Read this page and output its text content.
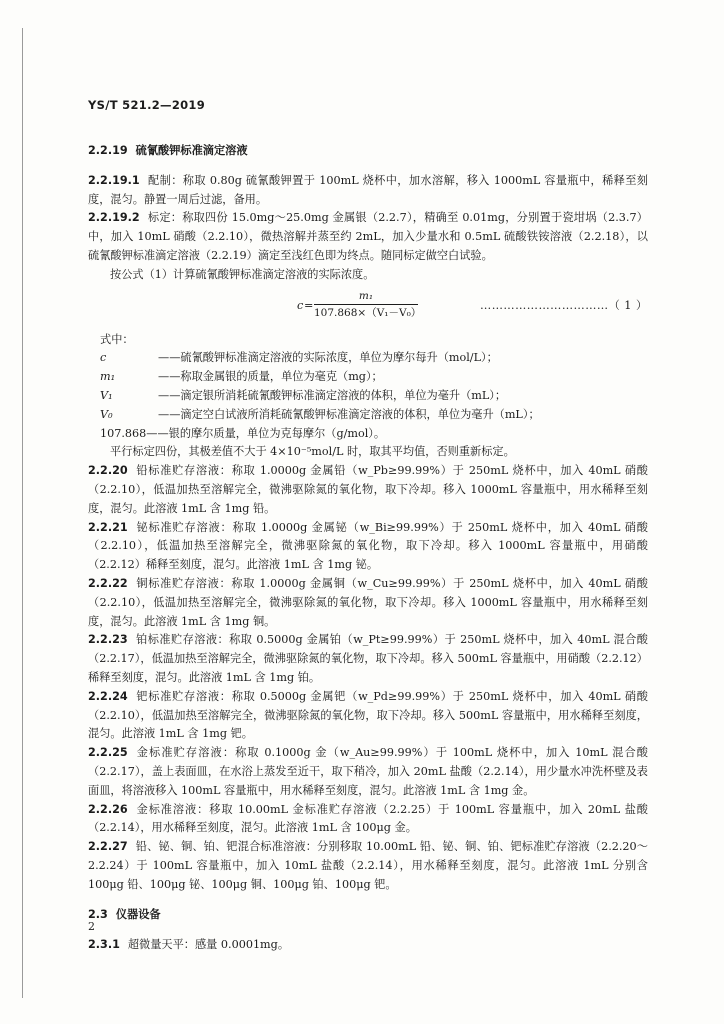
YS/T 521.2—2019

2.2.19 硫氰酸钾标准滴定溶液

2.2.19.1 配制：称取 0.80g 硫氰酸钾置于 100mL 烧杯中，加水溶解，移入 1000mL 容量瓶中，稀释至刻度，混匀。静置一周后过滤，备用。

2.2.19.2 标定：称取四份 15.0mg～25.0mg 金属银（2.2.7），精确至 0.01mg，分别置于瓷坩埚（2.3.7）中，加入 10mL 硝酸（2.2.10），微热溶解并蒸至约 2mL，加入少量水和 0.5mL 硫酸铁铵溶液（2.2.18），以硫氰酸钾标准滴定溶液（2.2.19）滴定至浅红色即为终点。随同标定做空白试验。

按公式（1）计算硫氰酸钾标准滴定溶液的实际浓度。

$c = \frac{\text{m₁}}{\text{107.868×（V₁－V₀）}}$	……………………………（ 1 ）

式中：

c	——硫氰酸钾标准滴定溶液的实际浓度，单位为摩尔每升（mol/L）；
m₁	——称取金属银的质量，单位为毫克（mg）；
V₁	——滴定银所消耗硫氰酸钾标准滴定溶液的体积，单位为毫升（mL）；
V₀	——滴定空白试液所消耗硫氰酸钾标准滴定溶液的体积，单位为毫升（mL）；

107.868——银的摩尔质量，单位为克每摩尔（g/mol）。

平行标定四份，其极差值不大于 4×10⁻⁵mol/L 时，取其平均值，否则重新标定。

2.2.20 铅标准贮存溶液：称取 1.0000g 金属铅（w_Pb≥99.99%）于 250mL 烧杯中，加入 40mL 硝酸（2.2.10），低温加热至溶解完全，微沸驱除氮的氧化物，取下冷却。移入 1000mL 容量瓶中，用水稀释至刻度，混匀。此溶液 1mL 含 1mg 铅。

2.2.21 铋标准贮存溶液：称取 1.0000g 金属铋（w_Bi≥99.99%）于 250mL 烧杯中，加入 40mL 硝酸（2.2.10），低温加热至溶解完全，微沸驱除氮的氧化物，取下冷却。移入 1000mL 容量瓶中，用硝酸（2.2.12）稀释至刻度，混匀。此溶液 1mL 含 1mg 铋。

2.2.22 铜标准贮存溶液：称取 1.0000g 金属铜（w_Cu≥99.99%）于 250mL 烧杯中，加入 40mL 硝酸（2.2.10），低温加热至溶解完全，微沸驱除氮的氧化物，取下冷却。移入 1000mL 容量瓶中，用水稀释至刻度，混匀。此溶液 1mL 含 1mg 铜。

2.2.23 铂标准贮存溶液：称取 0.5000g 金属铂（w_Pt≥99.99%）于 250mL 烧杯中，加入 40mL 混合酸（2.2.17），低温加热至溶解完全，微沸驱除氮的氧化物，取下冷却。移入 500mL 容量瓶中，用硝酸（2.2.12）稀释至刻度，混匀。此溶液 1mL 含 1mg 铂。

2.2.24 钯标准贮存溶液：称取 0.5000g 金属钯（w_Pd≥99.99%）于 250mL 烧杯中，加入 40mL 硝酸（2.2.10），低温加热至溶解完全，微沸驱除氮的氧化物，取下冷却。移入 500mL 容量瓶中，用水稀释至刻度，混匀。此溶液 1mL 含 1mg 钯。

2.2.25 金标准贮存溶液：称取 0.1000g 金（w_Au≥99.99%）于 100mL 烧杯中，加入 10mL 混合酸（2.2.17），盖上表面皿，在水浴上蒸发至近干，取下稍冷，加入 20mL 盐酸（2.2.14），用少量水冲洗杯壁及表面皿，将溶液移入 100mL 容量瓶中，用水稀释至刻度，混匀。此溶液 1mL 含 1mg 金。

2.2.26 金标准溶液：移取 10.00mL 金标准贮存溶液（2.2.25）于 100mL 容量瓶中，加入 20mL 盐酸（2.2.14），用水稀释至刻度，混匀。此溶液 1mL 含 100μg 金。

2.2.27 铅、铋、铜、铂、钯混合标准溶液：分别移取 10.00mL 铅、铋、铜、铂、钯标准贮存溶液（2.2.20～2.2.24）于 100mL 容量瓶中，加入 10mL 盐酸（2.2.14），用水稀释至刻度，混匀。此溶液 1mL 分别含 100μg 铅、100μg 铋、100μg 铜、100μg 铂、100μg 钯。

2.3 仪器设备

2.3.1 超微量天平：感量 0.0001mg。

2
